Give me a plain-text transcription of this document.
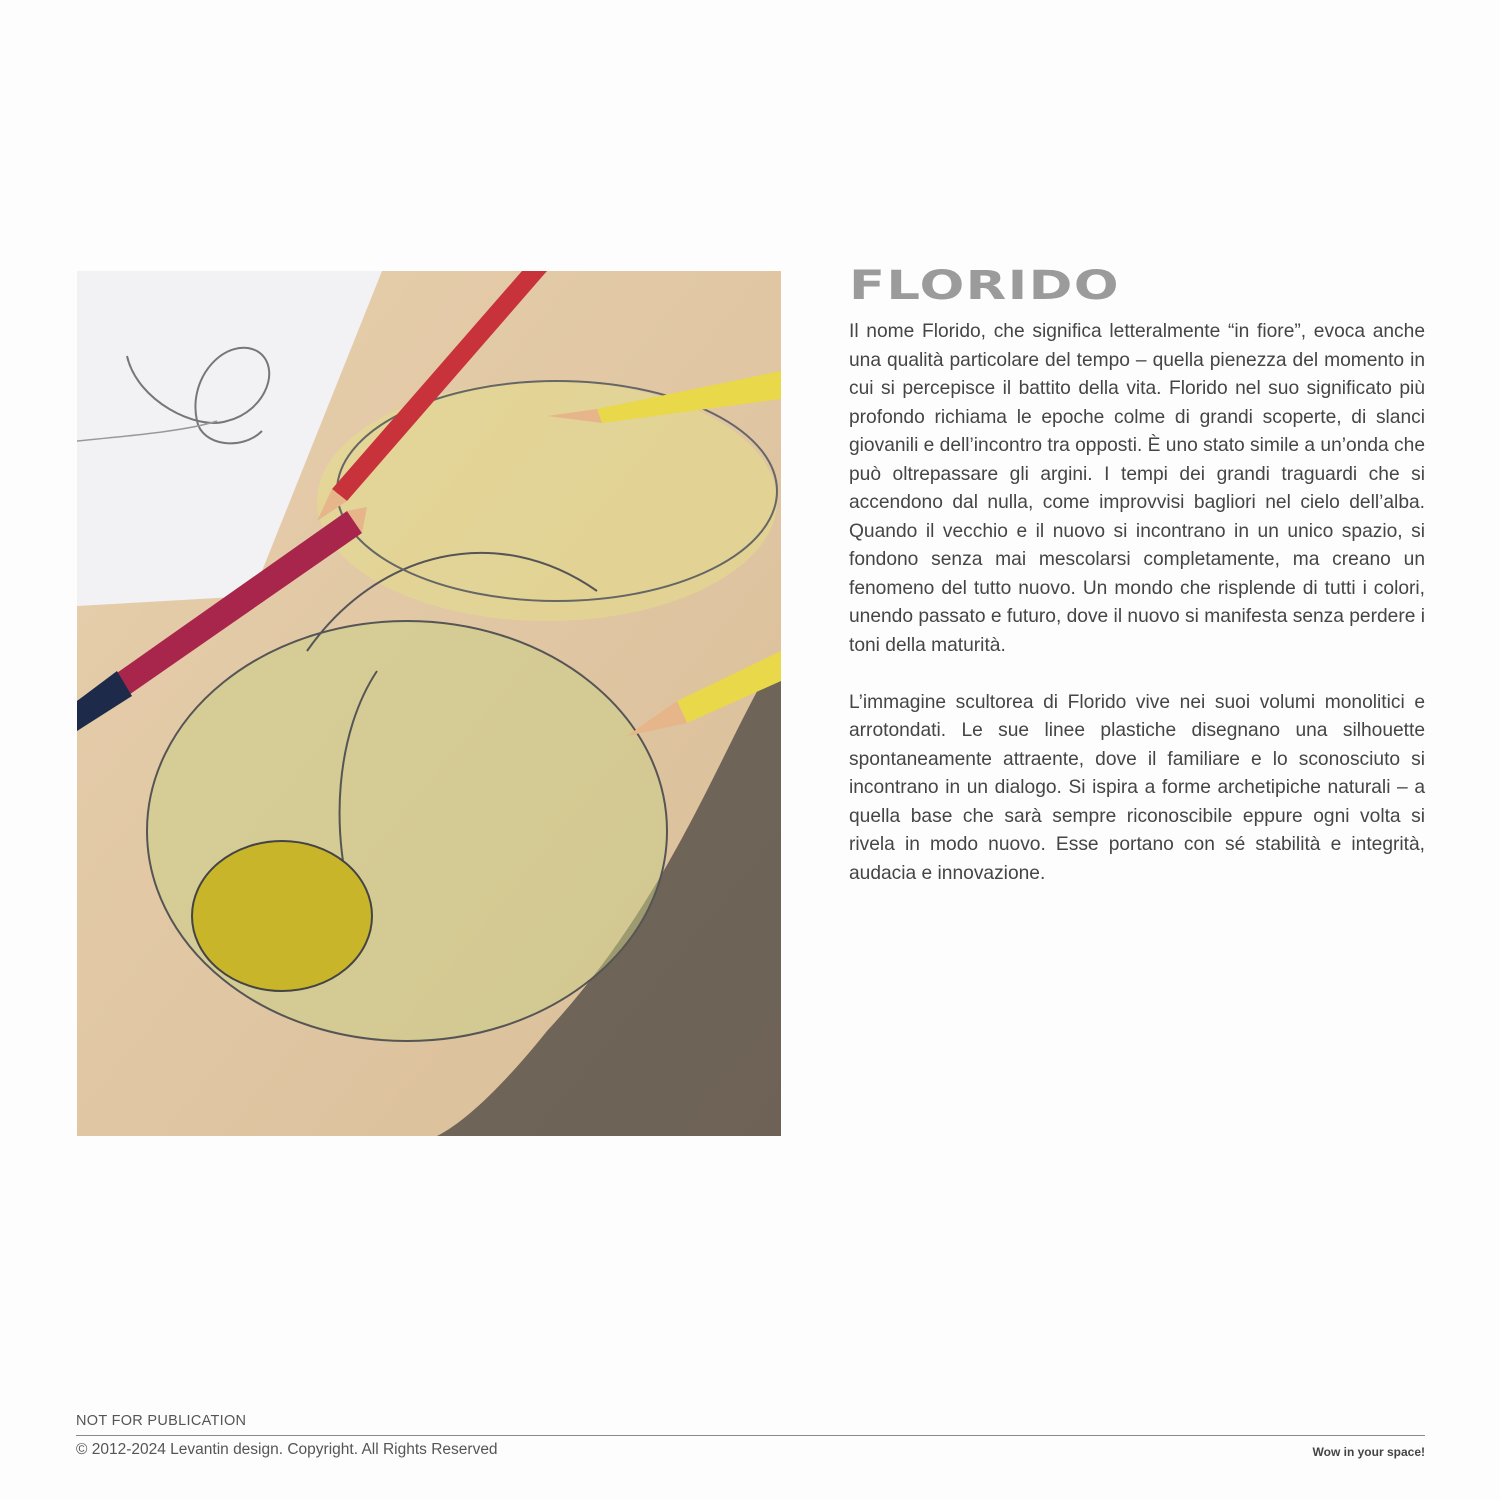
FLORIDO

Il nome Florido, che significa letteralmente “in fiore”, evoca anche una qualità particolare del tempo – quella pienezza del momento in cui si percepisce il battito della vita. Florido nel suo significato più profondo richiama le epoche colme di grandi scoperte, di slanci giovanili e dell’incontro tra opposti. È uno stato simile a un’onda che può oltrepassare gli argini. I tempi dei grandi traguardi che si accendono dal nulla, come improvvisi bagliori nel cielo dell’alba. Quando il vecchio e il nuovo si incontrano in un unico spazio, si fondono senza mai mescolarsi completamente, ma creano un fenomeno del tutto nuovo. Un mondo che risplende di tutti i colori, unendo passato e futuro, dove il nuovo si manifesta senza perdere i toni della maturità.

L’immagine scultorea di Florido vive nei suoi volumi monolitici e arrotondati. Le sue linee plastiche disegnano una silhouette spontaneamente attraente, dove il familiare e lo sconosciuto si incontrano in un dialogo. Si ispira a forme archetipiche naturali – a quella base che sarà sempre riconoscibile eppure ogni volta si rivela in modo nuovo. Esse portano con sé stabilità e integrità, audacia e innovazione.

NOT FOR PUBLICATION
© 2012-2024 Levantin design. Copyright. All Rights Reserved	Wow in your space!
